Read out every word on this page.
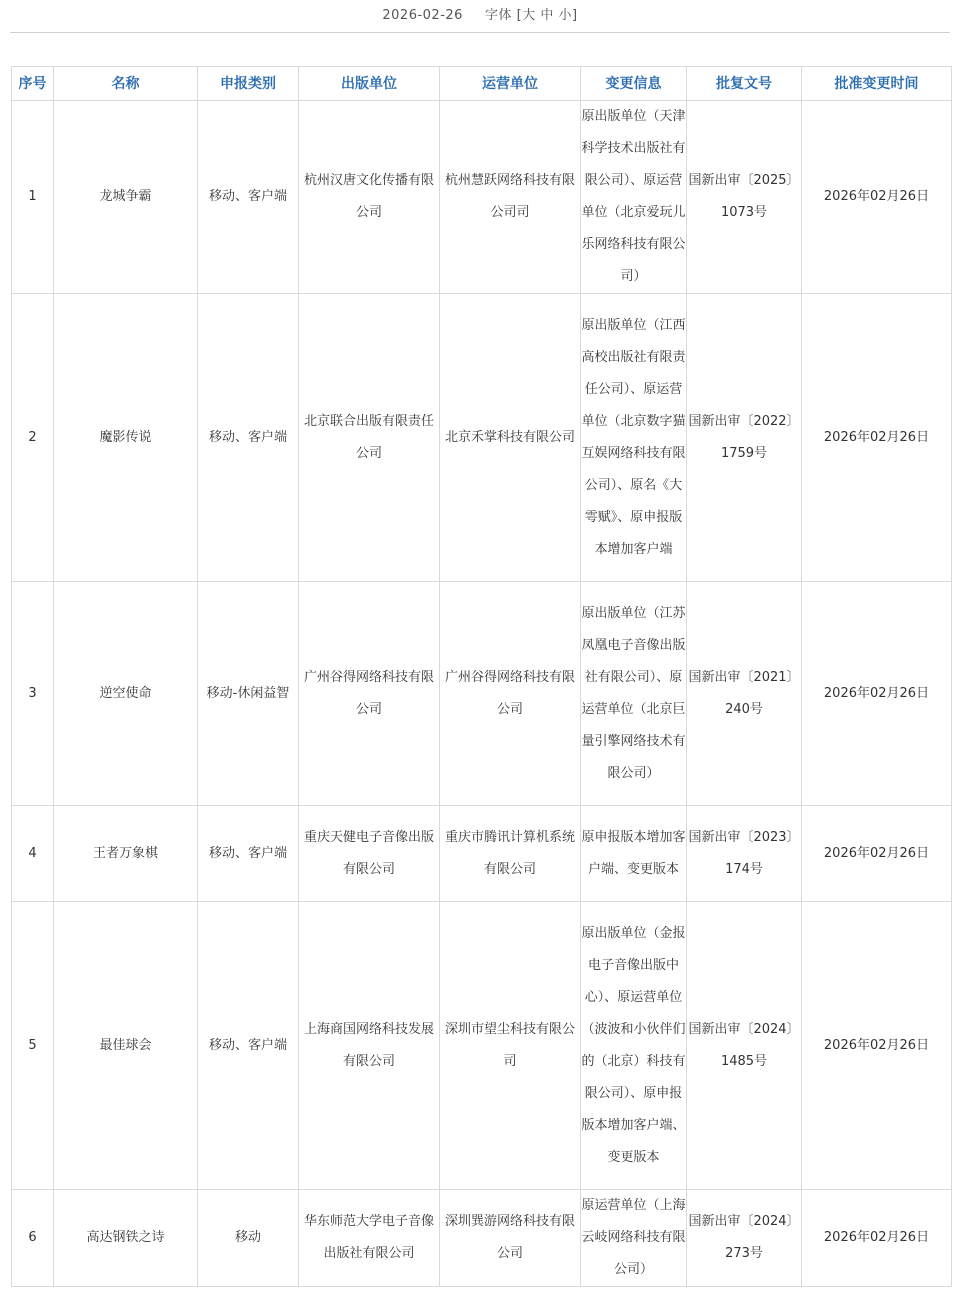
2026-02-26 字体 [大 中 小]
序号	名称	申报类别	出版单位	运营单位	变更信息	批复文号	批准变更时间
1	龙城争霸	移动、客户端	杭州汉唐文化传播有限公司	杭州慧跃网络科技有限公司司	原出版单位（天津科学技术出版社有限公司）、原运营单位（北京爱玩儿乐网络科技有限公司）	国新出审〔2025〕1073号	2026年02月26日
2	魔影传说	移动、客户端	北京联合出版有限责任公司	北京禾掌科技有限公司	原出版单位（江西高校出版社有限责任公司）、原运营单位（北京数字猫互娱网络科技有限公司）、原名《大雩赋》、原申报版本增加客户端	国新出审〔2022〕1759号	2026年02月26日
3	逆空使命	移动-休闲益智	广州谷得网络科技有限公司	广州谷得网络科技有限公司	原出版单位（江苏凤凰电子音像出版社有限公司）、原运营单位（北京巨量引擎网络技术有限公司）	国新出审〔2021〕240号	2026年02月26日
4	王者万象棋	移动、客户端	重庆天健电子音像出版有限公司	重庆市腾讯计算机系统有限公司	原申报版本增加客户端、变更版本	国新出审〔2023〕174号	2026年02月26日
5	最佳球会	移动、客户端	上海商国网络科技发展有限公司	深圳市望尘科技有限公司	原出版单位（金报电子音像出版中心）、原运营单位（波波和小伙伴们的（北京）科技有限公司）、原申报版本增加客户端、变更版本	国新出审〔2024〕1485号	2026年02月26日
6	高达钢铁之诗	移动	华东师范大学电子音像出版社有限公司	深圳巽游网络科技有限公司	原运营单位（上海云岐网络科技有限公司）	国新出审〔2024〕273号	2026年02月26日
